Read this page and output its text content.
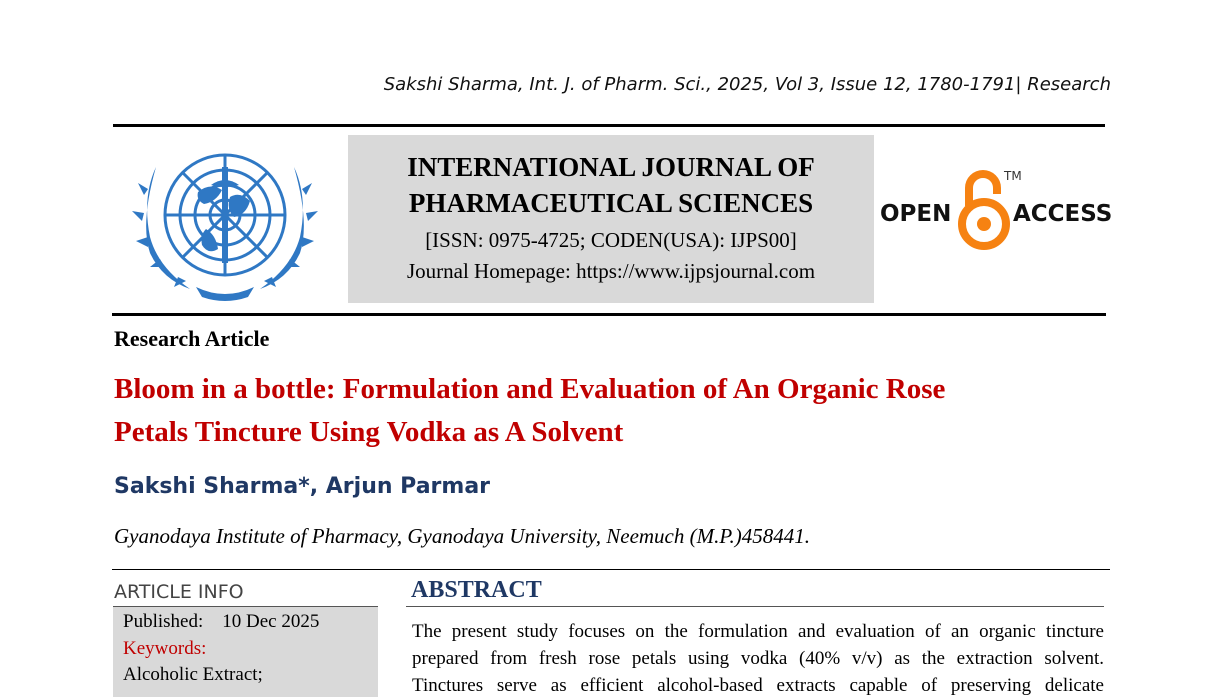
Sakshi Sharma, Int. J. of Pharm. Sci., 2025, Vol 3, Issue 12, 1780-1791| Research
INTERNATIONAL JOURNAL OF
PHARMACEUTICAL SCIENCES
[ISSN: 0975-4725; CODEN(USA): IJPS00]
Journal Homepage: https://www.ijpsjournal.com
OPEN
TM
ACCESS
Research Article
Bloom in a bottle: Formulation and Evaluation of An Organic Rose
Petals Tincture Using Vodka as A Solvent
Sakshi Sharma*, Arjun Parmar
Gyanodaya Institute of Pharmacy, Gyanodaya University, Neemuch (M.P.)458441.
ARTICLE INFO
Published: 10 Dec 2025
Keywords:
Alcoholic Extract;
ABSTRACT
The present study focuses on the formulation and evaluation of an organic tincture
prepared from fresh rose petals using vodka (40% v/v) as the extraction solvent.
Tinctures serve as efficient alcohol-based extracts capable of preserving delicate
